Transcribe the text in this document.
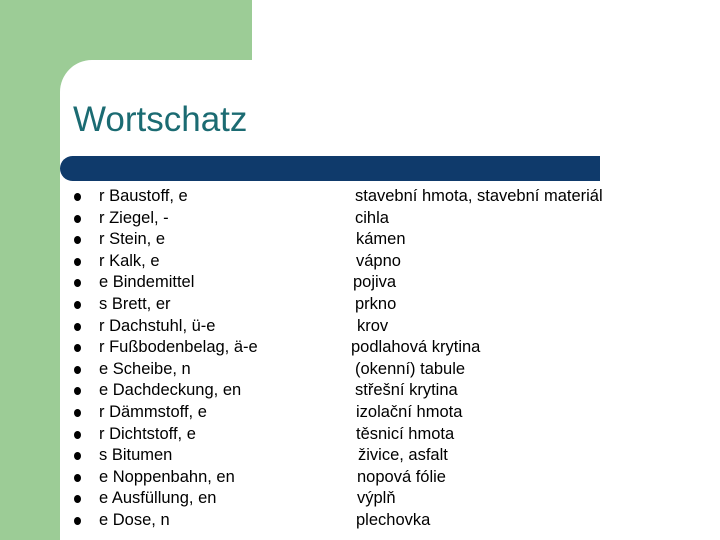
Wortschatz
r Baustoff, e	stavební hmota, stavební materiál
r Ziegel, -	cihla
r Stein, e	kámen
r Kalk, e	vápno
e Bindemittel	pojiva
s Brett, er	prkno
r Dachstuhl, ü-e	krov
r Fußbodenbelag, ä-e	podlahová krytina
e Scheibe, n	(okenní) tabule
e Dachdeckung, en	střešní krytina
r Dämmstoff, e	izolační hmota
r Dichtstoff, e	těsnicí hmota
s Bitumen	živice, asfalt
e Noppenbahn, en	nopová fólie
e Ausfüllung, en	výplň
e Dose, n	plechovka
